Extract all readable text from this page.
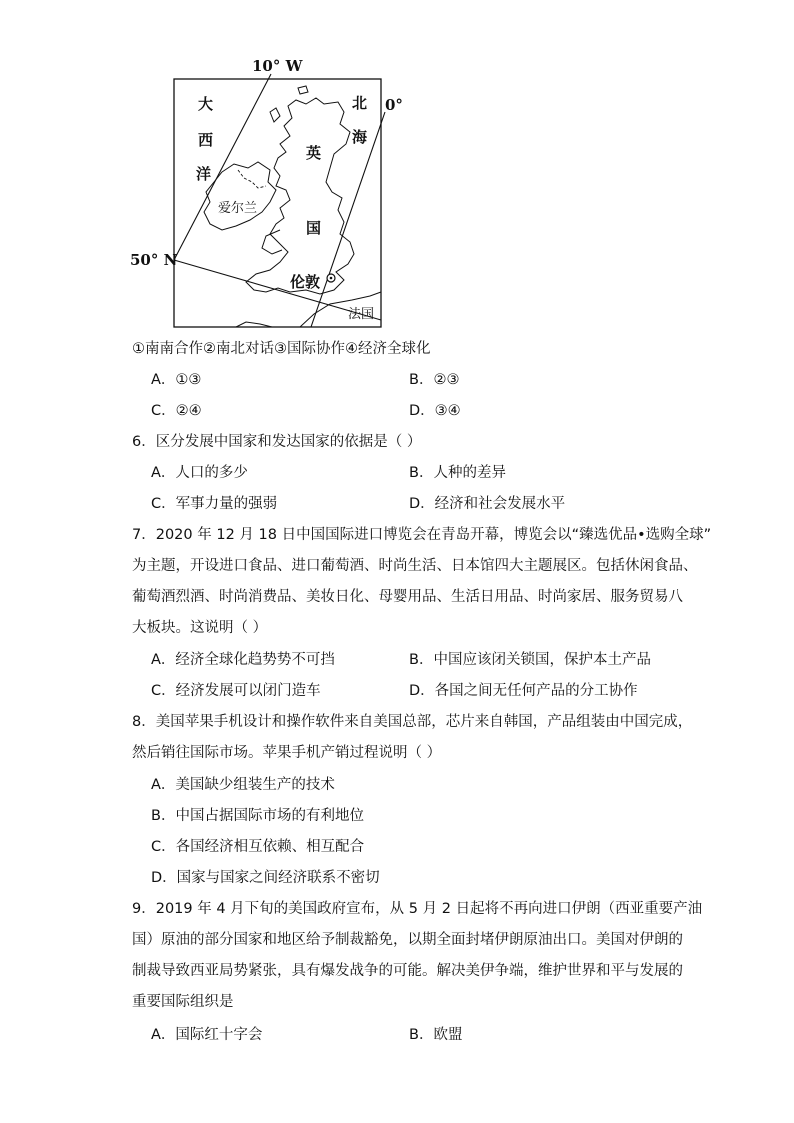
10° W
0°
50° N
大
西
洋
北
海
英
国
爱尔兰
伦敦
法国
①南南合作②南北对话③国际协作④经济全球化
A．①③	B．②③
C．②④	D．③④
6．区分发展中国家和发达国家的依据是（ ）
A．人口的多少	B．人种的差异
C．军事力量的强弱	D．经济和社会发展水平
7．2020 年 12 月 18 日中国国际进口博览会在青岛开幕，博览会以“臻选优品•选购全球”
为主题，开设进口食品、进口葡萄酒、时尚生活、日本馆四大主题展区。包括休闲食品、
葡萄酒烈酒、时尚消费品、美妆日化、母婴用品、生活日用品、时尚家居、服务贸易八
大板块。这说明（ ）
A．经济全球化趋势势不可挡	B．中国应该闭关锁国，保护本土产品
C．经济发展可以闭门造车	D．各国之间无任何产品的分工协作
8．美国苹果手机设计和操作软件来自美国总部，芯片来自韩国，产品组装由中国完成，
然后销往国际市场。苹果手机产销过程说明（ ）
A．美国缺少组装生产的技术
B．中国占据国际市场的有利地位
C．各国经济相互依赖、相互配合
D．国家与国家之间经济联系不密切
9．2019 年 4 月下旬的美国政府宣布，从 5 月 2 日起将不再向进口伊朗（西亚重要产油
国）原油的部分国家和地区给予制裁豁免，以期全面封堵伊朗原油出口。美国对伊朗的
制裁导致西亚局势紧张，具有爆发战争的可能。解决美伊争端，维护世界和平与发展的
重要国际组织是
A．国际红十字会	B．欧盟
